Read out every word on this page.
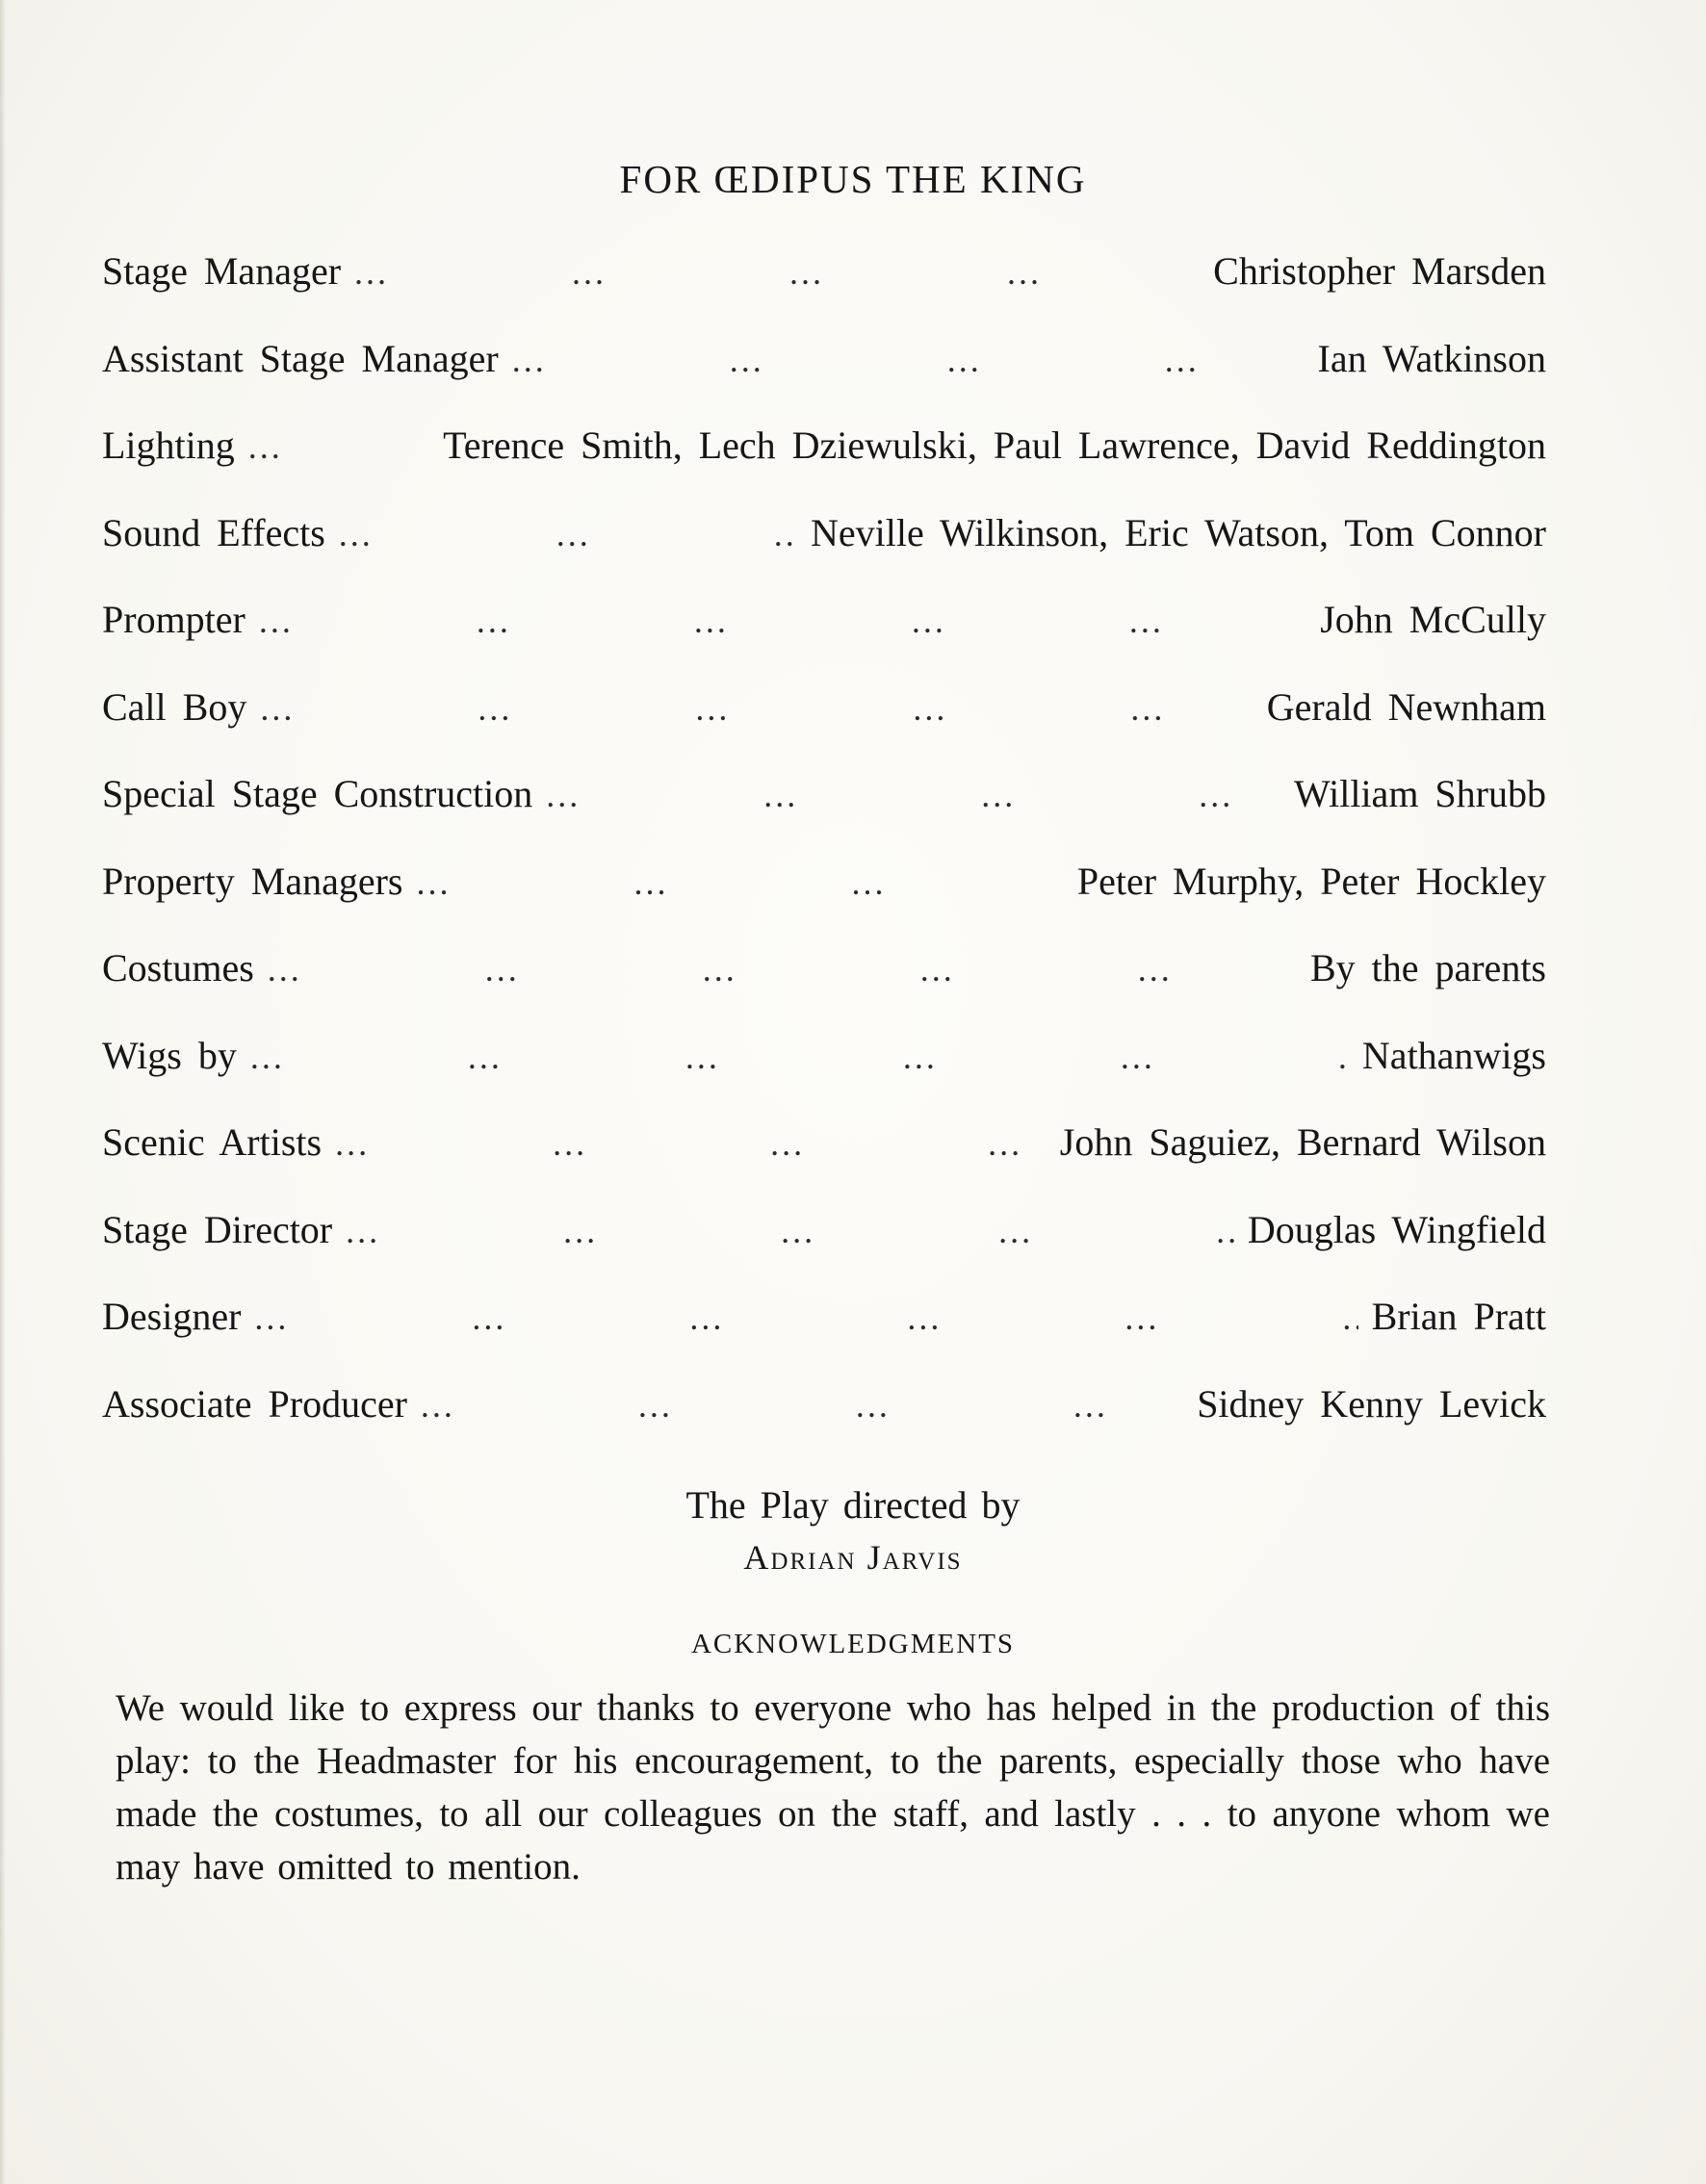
FOR ŒDIPUS THE KING
Stage Manager ...	Christopher Marsden
Assistant Stage Manager ...	Ian Watkinson
Lighting ...	Terence Smith, Lech Dziewulski, Paul Lawrence, David Reddington
Sound Effects ...	Neville Wilkinson, Eric Watson, Tom Connor
Prompter ...	John McCully
Call Boy ...	Gerald Newnham
Special Stage Construction ...	William Shrubb
Property Managers ...	Peter Murphy, Peter Hockley
Costumes ...	By the parents
Wigs by ...	Nathanwigs
Scenic Artists ...	John Saguiez, Bernard Wilson
Stage Director ...	Douglas Wingfield
Designer ...	Brian Pratt
Associate Producer ...	Sidney Kenny Levick
The Play directed by
Adrian Jarvis
ACKNOWLEDGMENTS
We would like to express our thanks to everyone who has helped in the production of this play: to the Headmaster for his encouragement, to the parents, especially those who have made the costumes, to all our colleagues on the staff, and lastly . . . to anyone whom we may have omitted to mention.
